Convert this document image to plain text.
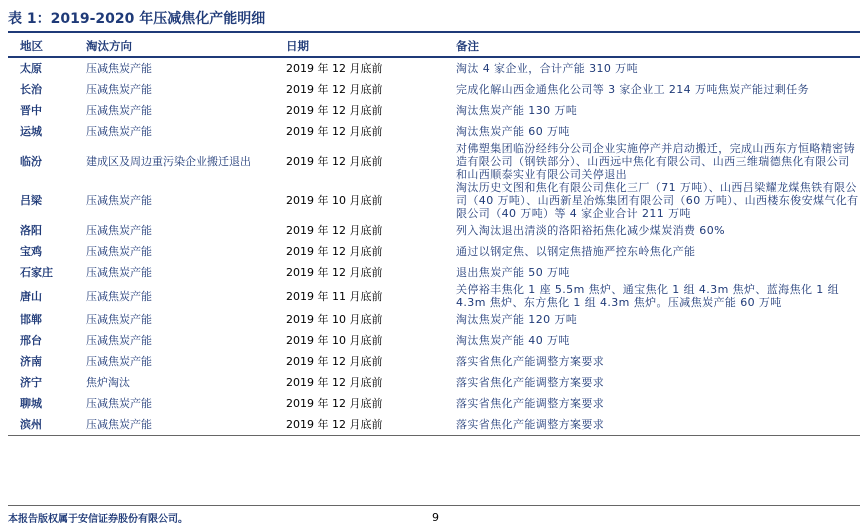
表 1：2019-2020 年压减焦化产能明细
地区	淘汰方向	日期	备注
太原	压减焦炭产能	2019 年 12 月底前	淘汰 4 家企业，合计产能 310 万吨
长治	压减焦炭产能	2019 年 12 月底前	完成化解山西金通焦化公司等 3 家企业工 214 万吨焦炭产能过剩任务
晋中	压减焦炭产能	2019 年 12 月底前	淘汰焦炭产能 130 万吨
运城	压减焦炭产能	2019 年 12 月底前	淘汰焦炭产能 60 万吨
临汾	建成区及周边重污染企业搬迁退出	2019 年 12 月底前	对佛塑集团临汾经纬分公司企业实施停产并启动搬迁，完成山西东方恒略精密铸造有限公司（钢铁部分）、山西远中焦化有限公司、山西三维瑞德焦化有限公司和山西顺泰实业有限公司关停退出
吕梁	压减焦炭产能	2019 年 10 月底前	淘汰历史文图和焦化有限公司焦化三厂（71 万吨）、山西吕梁耀龙煤焦铁有限公司（40 万吨）、山西新星冶炼集团有限公司（60 万吨）、山西楼东俊安煤气化有限公司（40 万吨）等 4 家企业合计 211 万吨
洛阳	压减焦炭产能	2019 年 12 月底前	列入淘汰退出清淡的洛阳裕拓焦化减少煤炭消费 60%
宝鸡	压减焦炭产能	2019 年 12 月底前	通过以钢定焦、以钢定焦措施严控东岭焦化产能
石家庄	压减焦炭产能	2019 年 12 月底前	退出焦炭产能 50 万吨
唐山	压减焦炭产能	2019 年 11 月底前	关停裕丰焦化 1 座 5.5m 焦炉、通宝焦化 1 组 4.3m 焦炉、蓝海焦化 1 组 4.3m 焦炉、东方焦化 1 组 4.3m 焦炉。压减焦炭产能 60 万吨
邯郸	压减焦炭产能	2019 年 10 月底前	淘汰焦炭产能 120 万吨
邢台	压减焦炭产能	2019 年 10 月底前	淘汰焦炭产能 40 万吨
济南	压减焦炭产能	2019 年 12 月底前	落实省焦化产能调整方案要求
济宁	焦炉淘汰	2019 年 12 月底前	落实省焦化产能调整方案要求
聊城	压减焦炭产能	2019 年 12 月底前	落实省焦化产能调整方案要求
滨州	压减焦炭产能	2019 年 12 月底前	落实省焦化产能调整方案要求
本报告版权属于安信证券股份有限公司。	9
